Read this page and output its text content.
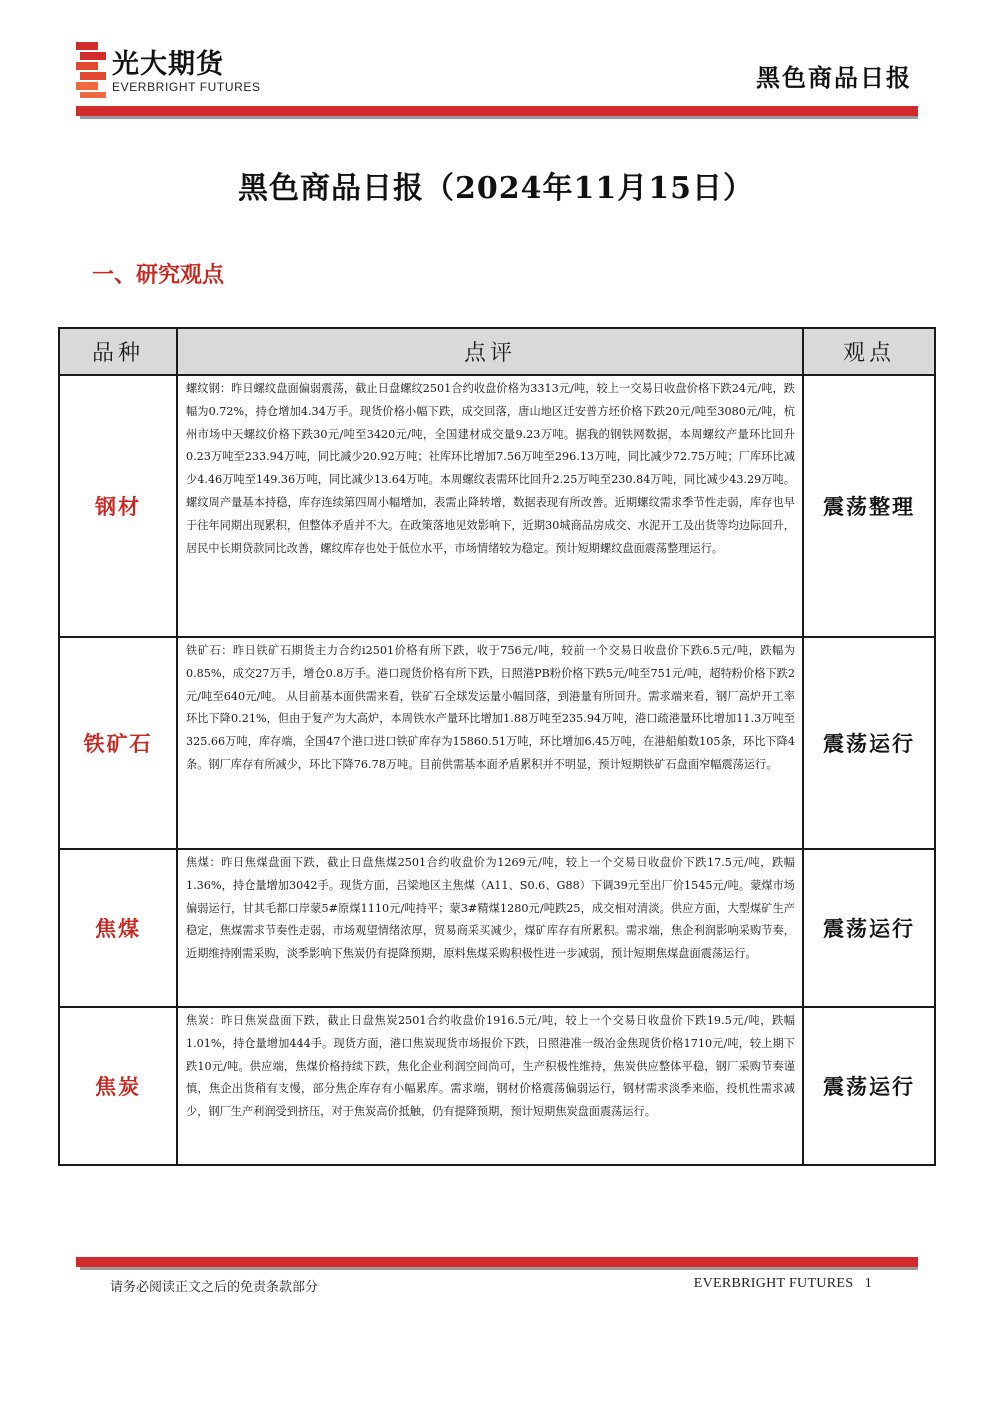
光大期货
EVERBRIGHT FUTURES	黑色商品日报
黑色商品日报（2024年11月15日）
一、研究观点
品种	点评	观点
钢材	螺纹钢：昨日螺纹盘面偏弱震荡，截止日盘螺纹2501合约收盘价格为3313元/吨，较上一交易日收盘价格下跌24元/吨，跌幅为0.72%，持仓增加4.34万手。现货价格小幅下跌，成交回落，唐山地区迁安普方坯价格下跌20元/吨至3080元/吨，杭州市场中天螺纹价格下跌30元/吨至3420元/吨，全国建材成交量9.23万吨。据我的钢铁网数据，本周螺纹产量环比回升0.23万吨至233.94万吨，同比减少20.92万吨；社库环比增加7.56万吨至296.13万吨，同比减少72.75万吨；厂库环比减少4.46万吨至149.36万吨，同比减少13.64万吨。本周螺纹表需环比回升2.25万吨至230.84万吨，同比减少43.29万吨。螺纹周产量基本持稳，库存连续第四周小幅增加，表需止降转增，数据表现有所改善。近期螺纹需求季节性走弱，库存也早于往年同期出现累积，但整体矛盾并不大。在政策落地见效影响下，近期30城商品房成交、水泥开工及出货等均边际回升，居民中长期贷款同比改善，螺纹库存也处于低位水平，市场情绪较为稳定。预计短期螺纹盘面震荡整理运行。	震荡整理
铁矿石	铁矿石：昨日铁矿石期货主力合约i2501价格有所下跌，收于756元/吨，较前一个交易日收盘价下跌6.5元/吨，跌幅为0.85%，成交27万手，增仓0.8万手。港口现货价格有所下跌，日照港PB粉价格下跌5元/吨至751元/吨，超特粉价格下跌2元/吨至640元/吨。 从目前基本面供需来看，铁矿石全球发运量小幅回落，到港量有所回升。需求端来看，钢厂高炉开工率环比下降0.21%，但由于复产为大高炉，本周铁水产量环比增加1.88万吨至235.94万吨，港口疏港量环比增加11.3万吨至325.66万吨，库存端，全国47个港口进口铁矿库存为15860.51万吨，环比增加6.45万吨，在港船舶数105条，环比下降4条。钢厂库存有所减少，环比下降76.78万吨。目前供需基本面矛盾累积并不明显，预计短期铁矿石盘面窄幅震荡运行。	震荡运行
焦煤	焦煤：昨日焦煤盘面下跌，截止日盘焦煤2501合约收盘价为1269元/吨，较上一个交易日收盘价下跌17.5元/吨，跌幅1.36%，持仓量增加3042手。现货方面，吕梁地区主焦煤（A11、S0.6、G88）下调39元至出厂价1545元/吨。蒙煤市场偏弱运行，甘其毛都口岸蒙5#原煤1110元/吨持平；蒙3#精煤1280元/吨跌25，成交相对清淡。供应方面，大型煤矿生产稳定，焦煤需求节奏性走弱，市场观望情绪浓厚，贸易商采买减少，煤矿库存有所累积。需求端，焦企利润影响采购节奏，近期维持刚需采购，淡季影响下焦炭仍有提降预期，原料焦煤采购积极性进一步减弱，预计短期焦煤盘面震荡运行。	震荡运行
焦炭	焦炭：昨日焦炭盘面下跌，截止日盘焦炭2501合约收盘价1916.5元/吨，较上一个交易日收盘价下跌19.5元/吨，跌幅1.01%，持仓量增加444手。现货方面，港口焦炭现货市场报价下跌，日照港准一级冶金焦现货价格1710元/吨，较上期下跌10元/吨。供应端，焦煤价格持续下跌，焦化企业利润空间尚可，生产积极性维持，焦炭供应整体平稳，钢厂采购节奏谨慎，焦企出货稍有支慢，部分焦企库存有小幅累库。需求端，钢材价格震荡偏弱运行，钢材需求淡季来临，投机性需求减少，钢厂生产利润受到挤压，对于焦炭高价抵触，仍有提降预期，预计短期焦炭盘面震荡运行。	震荡运行
请务必阅读正文之后的免责条款部分	EVERBRIGHT FUTURES 1
